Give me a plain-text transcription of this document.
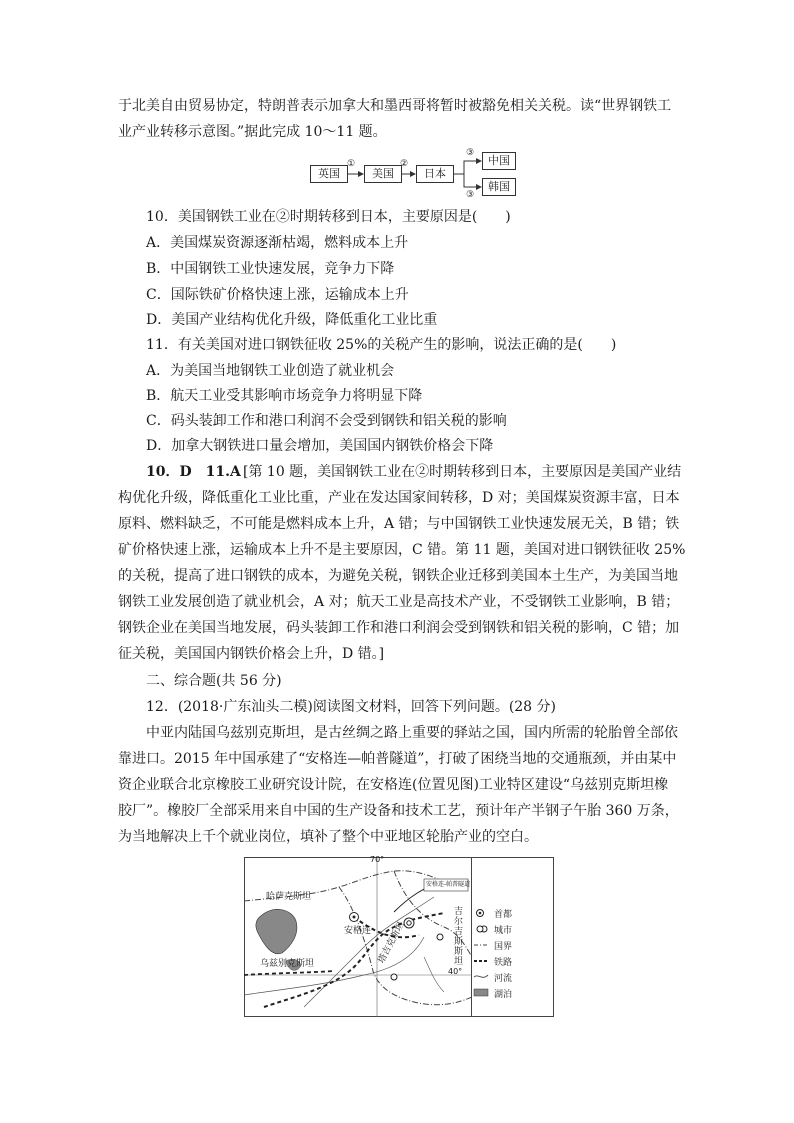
于北美自由贸易协定，特朗普表示加拿大和墨西哥将暂时被豁免相关关税。读“世界钢铁工
业产业转移示意图。”据此完成 10～11 题。
英国	美国	日本
中国
韩国
①	②
③
③
10．美国钢铁工业在②时期转移到日本，主要原因是(　　)
A．美国煤炭资源逐渐枯竭，燃料成本上升
B．中国钢铁工业快速发展，竞争力下降
C．国际铁矿价格快速上涨，运输成本上升
D．美国产业结构优化升级，降低重化工业比重
11．有关美国对进口钢铁征收 25%的关税产生的影响，说法正确的是(　　)
A．为美国当地钢铁工业创造了就业机会
B．航天工业受其影响市场竞争力将明显下降
C．码头装卸工作和港口利润不会受到钢铁和铝关税的影响
D．加拿大钢铁进口量会增加，美国国内钢铁价格会下降
10．D　11.A [第 10 题，美国钢铁工业在②时期转移到日本，主要原因是美国产业结
构优化升级，降低重化工业比重，产业在发达国家间转移，D 对；美国煤炭资源丰富，日本
原料、燃料缺乏，不可能是燃料成本上升，A 错；与中国钢铁工业快速发展无关，B 错；铁
矿价格快速上涨，运输成本上升不是主要原因，C 错。第 11 题，美国对进口钢铁征收 25%
的关税，提高了进口钢铁的成本，为避免关税，钢铁企业迁移到美国本土生产，为美国当地
钢铁工业发展创造了就业机会，A 对；航天工业是高技术产业，不受钢铁工业影响，B 错；
钢铁企业在美国当地发展，码头装卸工作和港口利润会受到钢铁和铝关税的影响，C 错；加
征关税，美国国内钢铁价格会上升，D 错。]
二、综合题(共 56 分)
12．(2018·广东汕头二模)阅读图文材料，回答下列问题。(28 分)
中亚内陆国乌兹别克斯坦，是古丝绸之路上重要的驿站之国，国内所需的轮胎曾全部依
靠进口。2015 年中国承建了“安格连—帕普隧道”，打破了困绕当地的交通瓶颈，并由某中
资企业联合北京橡胶工业研究设计院，在安格连(位置见图)工业特区建设“乌兹别克斯坦橡
胶厂”。橡胶厂全部采用来自中国的生产设备和技术工艺，预计年产半钢子午胎 360 万条，
为当地解决上千个就业岗位，填补了整个中亚地区轮胎产业的空白。
哈萨克斯坦
安格连
安格连-帕普隧道
乌兹别克斯坦
吉尔吉斯斯坦
塔吉克斯坦
70°
40°
首都
城市
国界
铁路
河流
湖泊
